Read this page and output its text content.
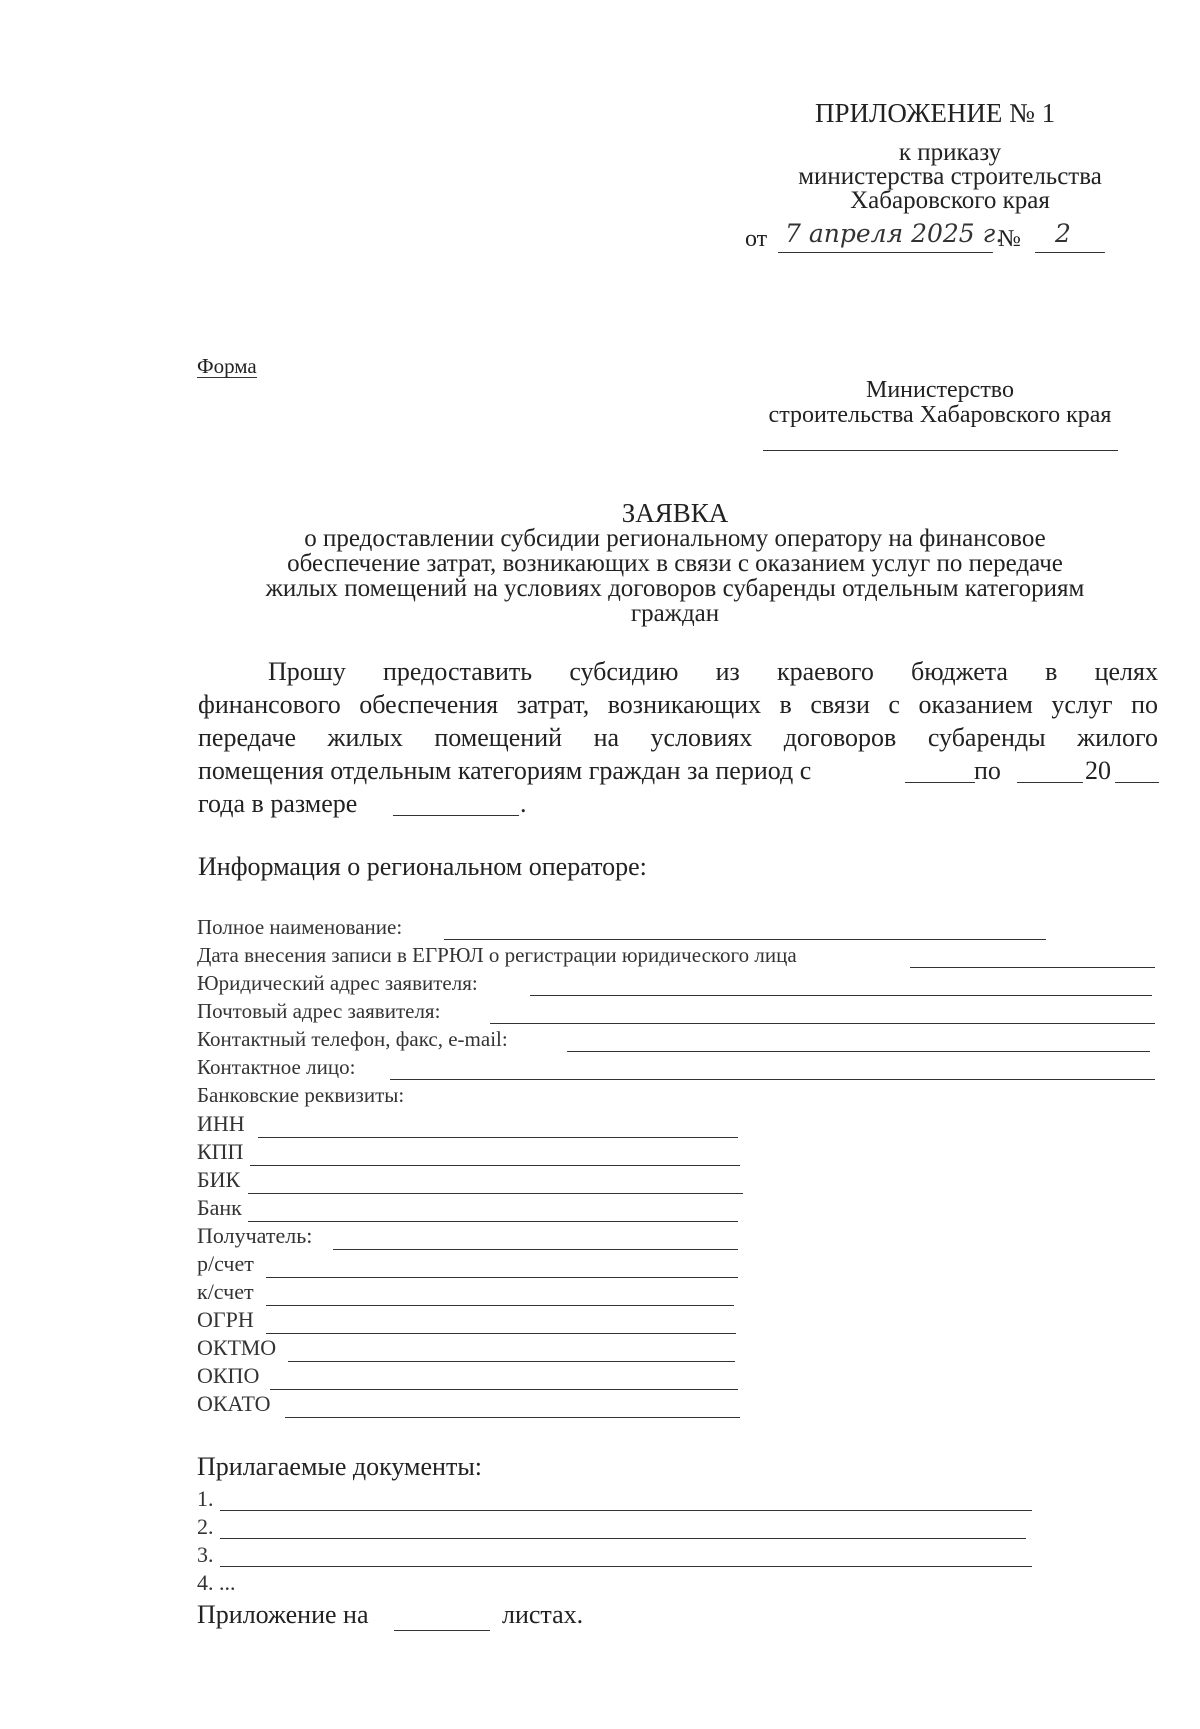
ПРИЛОЖЕНИЕ № 1
к приказу
министерства строительства
Хабаровского края
от 7 апреля 2025 г.
№ 2
Форма
Министерство
строительства Хабаровского края
ЗАЯВКА
о предоставлении субсидии региональному оператору на финансовое
обеспечение затрат, возникающих в связи с оказанием услуг по передаче
жилых помещений на условиях договоров субаренды отдельным категориям
граждан
Прошу предоставить субсидию из краевого бюджета в целях
финансового обеспечения затрат, возникающих в связи с оказанием услуг по
передаче жилых помещений на условиях договоров субаренды жилого
помещения отдельным категориям граждан за период с	по	20
года в размере	.
Информация о региональном операторе:
Полное наименование:
Дата внесения записи в ЕГРЮЛ о регистрации юридического лица
Юридический адрес заявителя:
Почтовый адрес заявителя:
Контактный телефон, факс, e-mail:
Контактное лицо:
Банковские реквизиты:
ИНН
КПП
БИК
Банк
Получатель:
р/счет
к/счет
ОГРН
ОКТМО
ОКПО
ОКАТО
Прилагаемые документы:
1.
2.
3.
4. ...
Приложение на	листах.
